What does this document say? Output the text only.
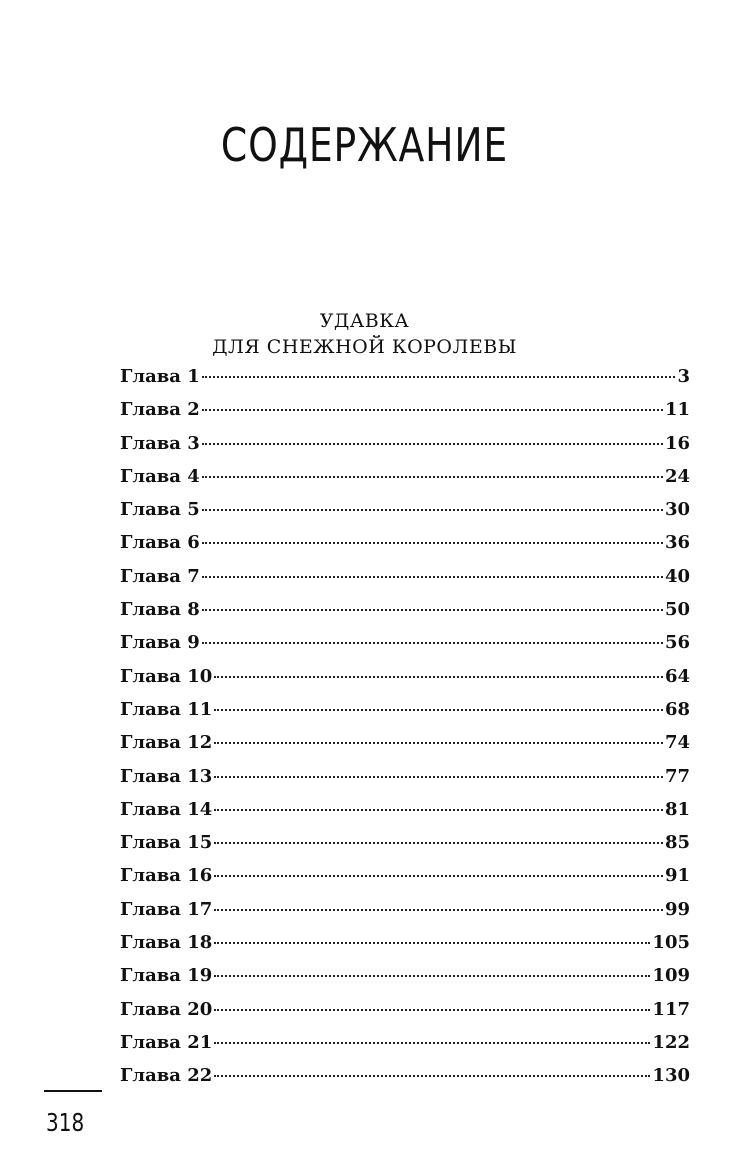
СОДЕРЖАНИЕ
УДАВКА
ДЛЯ СНЕЖНОЙ КОРОЛЕВЫ
Глава 1	3
Глава 2	11
Глава 3	16
Глава 4	24
Глава 5	30
Глава 6	36
Глава 7	40
Глава 8	50
Глава 9	56
Глава 10	64
Глава 11	68
Глава 12	74
Глава 13	77
Глава 14	81
Глава 15	85
Глава 16	91
Глава 17	99
Глава 18	105
Глава 19	109
Глава 20	117
Глава 21	122
Глава 22	130
318
